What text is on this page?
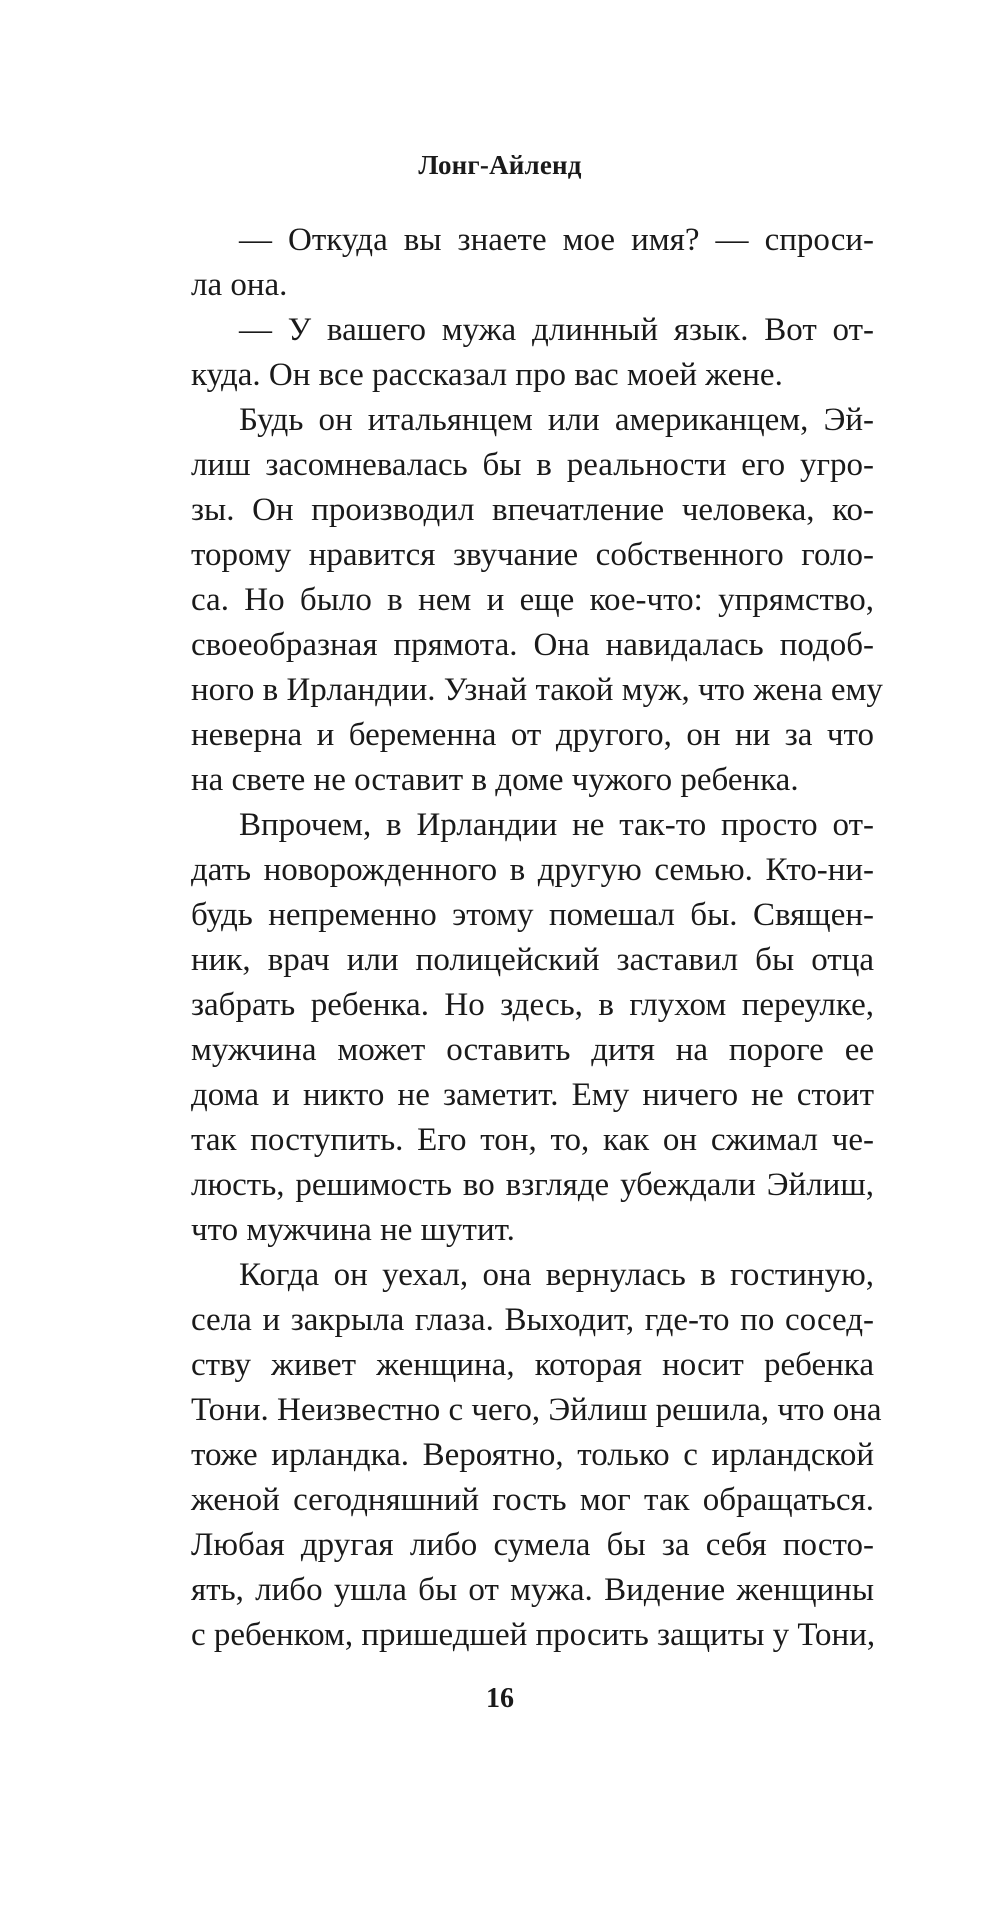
Лонг-Айленд
— Откуда вы знаете мое имя? — спроси-
ла она.
— У вашего мужа длинный язык. Вот от-
куда. Он все рассказал про вас моей жене.
Будь он итальянцем или американцем, Эй-
лиш засомневалась бы в реальности его угро-
зы. Он производил впечатление человека, ко-
торому нравится звучание собственного голо-
са. Но было в нем и еще кое-что: упрямство,
своеобразная прямота. Она навидалась подоб-
ного в Ирландии. Узнай такой муж, что жена ему
неверна и беременна от другого, он ни за что
на свете не оставит в доме чужого ребенка.
Впрочем, в Ирландии не так-то просто от-
дать новорожденного в другую семью. Кто-ни-
будь непременно этому помешал бы. Священ-
ник, врач или полицейский заставил бы отца
забрать ребенка. Но здесь, в глухом переулке,
мужчина может оставить дитя на пороге ее
дома и никто не заметит. Ему ничего не стоит
так поступить. Его тон, то, как он сжимал че-
люсть, решимость во взгляде убеждали Эйлиш,
что мужчина не шутит.
Когда он уехал, она вернулась в гостиную,
села и закрыла глаза. Выходит, где-то по сосед-
ству живет женщина, которая носит ребенка
Тони. Неизвестно с чего, Эйлиш решила, что она
тоже ирландка. Вероятно, только с ирландской
женой сегодняшний гость мог так обращаться.
Любая другая либо сумела бы за себя посто-
ять, либо ушла бы от мужа. Видение женщины
с ребенком, пришедшей просить защиты у Тони,
16
